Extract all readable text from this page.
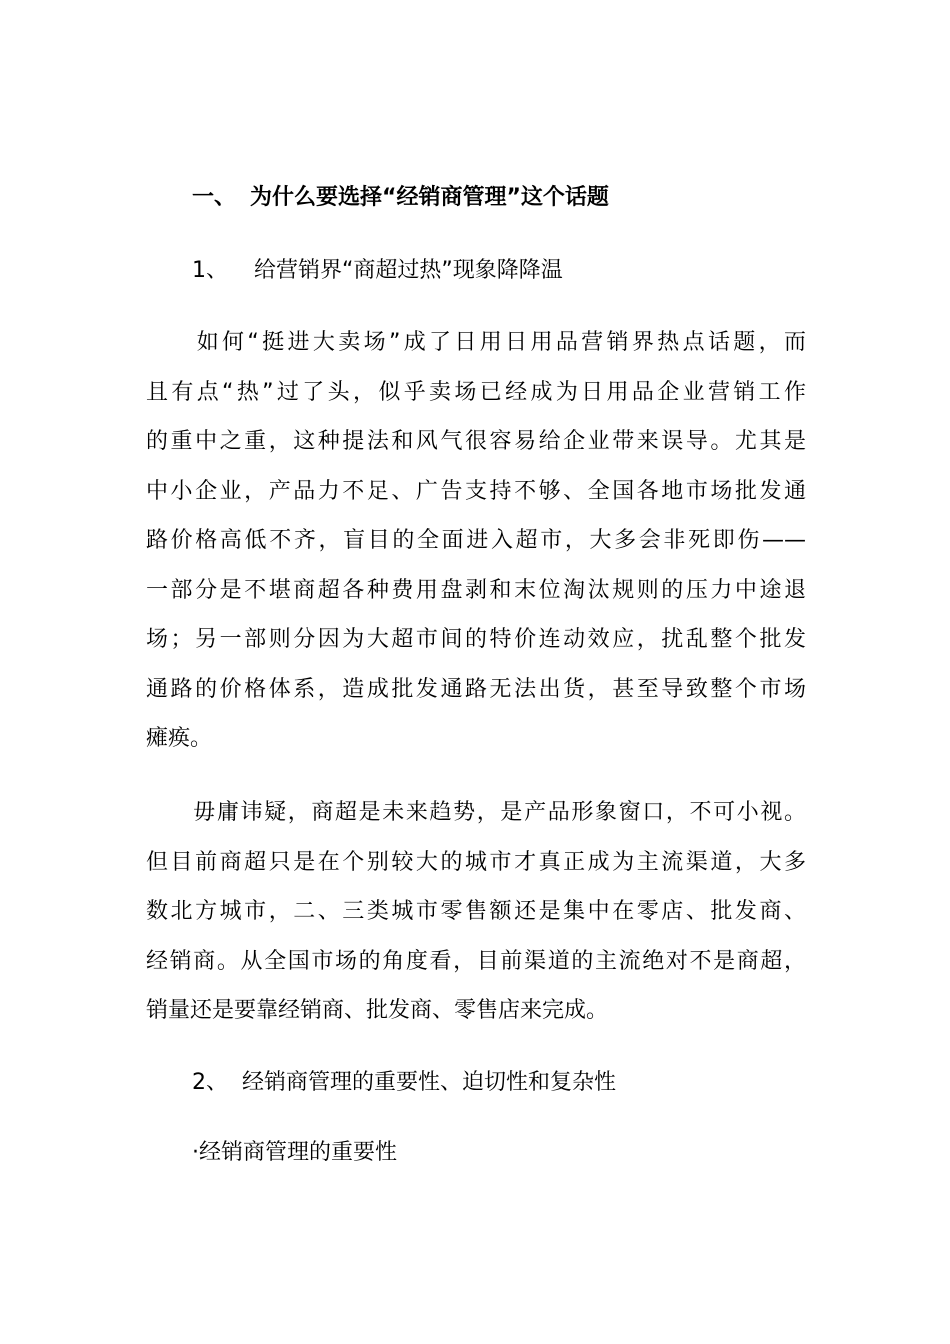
一、 为什么要选择“经销商管理”这个话题
1、 给营销界“商超过热”现象降降温
　　如何“挺进大卖场”成了日用日用品营销界热点话题，而
且有点“热”过了头，似乎卖场已经成为日用品企业营销工作
的重中之重，这种提法和风气很容易给企业带来误导。尤其是
中小企业，产品力不足、广告支持不够、全国各地市场批发通
路价格高低不齐，盲目的全面进入超市，大多会非死即伤——
一部分是不堪商超各种费用盘剥和末位淘汰规则的压力中途退
场；另一部则分因为大超市间的特价连动效应，扰乱整个批发
通路的价格体系，造成批发通路无法出货，甚至导致整个市场
瘫痪。
　　毋庸讳疑，商超是未来趋势，是产品形象窗口，不可小视。
但目前商超只是在个别较大的城市才真正成为主流渠道，大多
数北方城市，二、三类城市零售额还是集中在零店、批发商、
经销商。从全国市场的角度看，目前渠道的主流绝对不是商超，
销量还是要靠经销商、批发商、零售店来完成。
2、 经销商管理的重要性、迫切性和复杂性
·经销商管理的重要性
